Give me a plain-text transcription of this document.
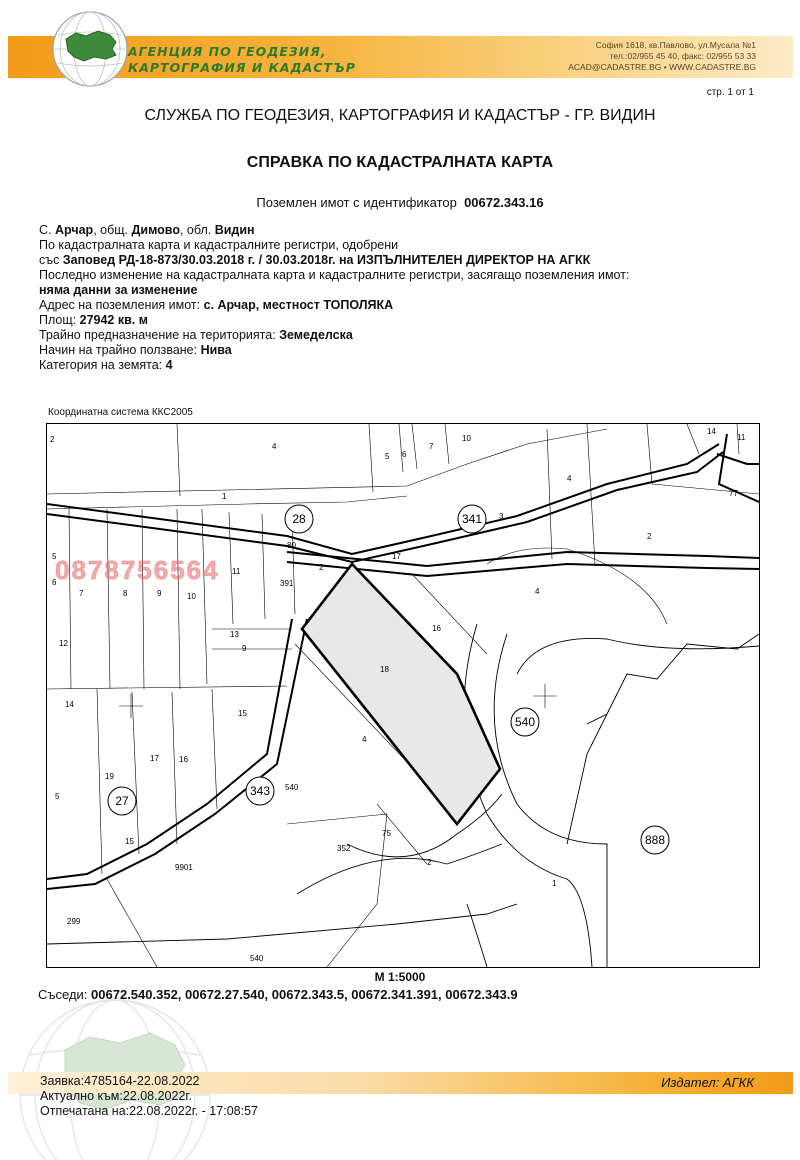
АГЕНЦИЯ ПО ГЕОДЕЗИЯ,
КАРТОГРАФИЯ И КАДАСТЪР
София 1618, кв.Павлово, ул.Мусала №1
тел.:02/955 45 40, факс: 02/955 53 33
ACAD@CADASTRE.BG • WWW.CADASTRE.BG
стр. 1 от 1
СЛУЖБА ПО ГЕОДЕЗИЯ, КАРТОГРАФИЯ И КАДАСТЪР - ГР. ВИДИН
СПРАВКА ПО КАДАСТРАЛНАТА КАРТА
Поземлен имот с идентификатор 00672.343.16
С. Арчар, общ. Димово, обл. Видин
По кадастралната карта и кадастралните регистри, одобрени
със Заповед РД-18-873/30.03.2018 г. / 30.03.2018г. на ИЗПЪЛНИТЕЛЕН ДИРЕКТОР НА АГКК
Последно изменение на кадастралната карта и кадастралните регистри, засягащо поземления имот:
няма данни за изменение
Адрес на поземления имот: с. Арчар, местност ТОПОЛЯКА
Площ: 27942 кв. м
Трайно предназначение на територията: Земеделска
Начин на трайно ползване: Нива
Категория на земята: 4
Координатна система ККС2005
28	341
540
27
343
888
2
4
1
5 6
7
10
14
11
3
4
77
80
2
5
6
7	8	9	10
11
391
2
17
4
12
13
9
16
18
14
15
16
17
19
5
4
540
15
75
352
2
9901
1
299
540
0878756564
М 1:5000
Съседи: 00672.540.352, 00672.27.540, 00672.343.5, 00672.341.391, 00672.343.9
Заявка:4785164-22.08.2022
Актуално към:22.08.2022г.
Отпечатана на:22.08.2022г. - 17:08:57
Издател: АГКК
